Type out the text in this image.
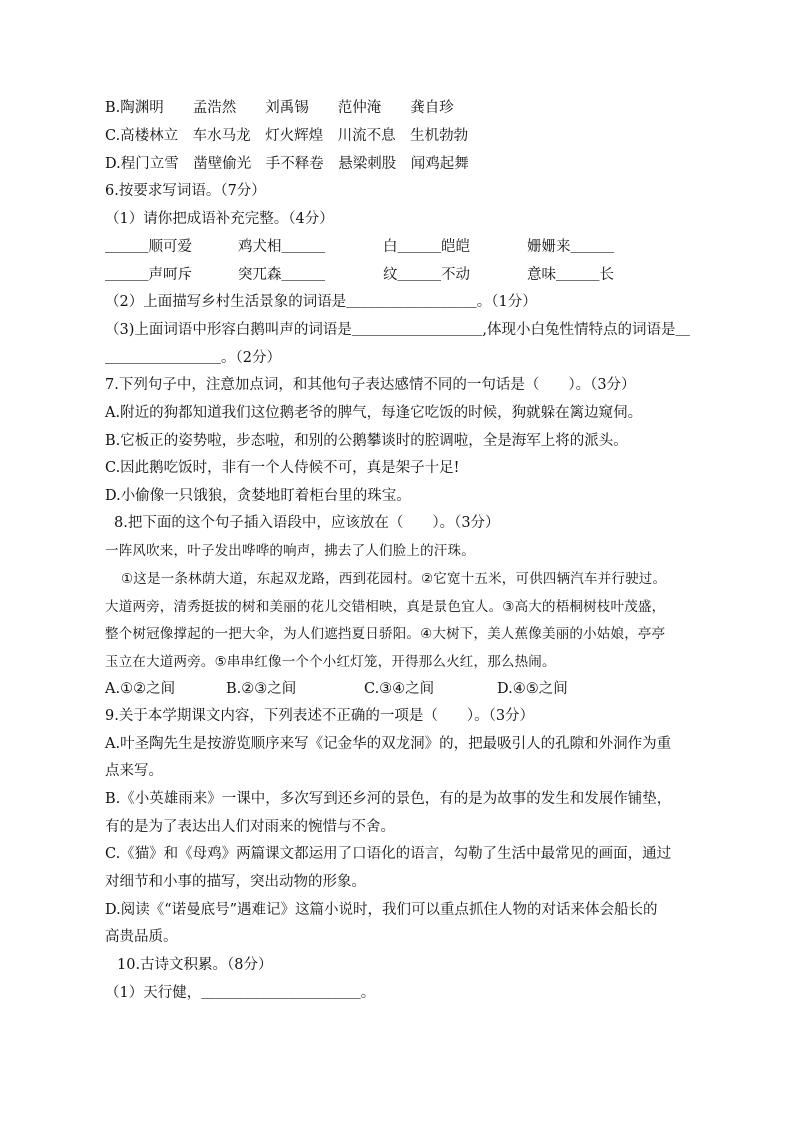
B.陶渊明　　孟浩然　　刘禹锡　　范仲淹　　龚自珍
C.高楼林立　车水马龙　灯火辉煌　川流不息　生机勃勃
D.程门立雪　凿壁偷光　手不释卷　悬梁刺股　闻鸡起舞
6.按要求写词语。（7分）
（1）请你把成语补充完整。（4分）
＿＿＿顺可爱	鸡犬相＿＿＿	白＿＿＿皑皑	姗姗来＿＿＿
＿＿＿声呵斥	突兀森＿＿＿	纹＿＿＿不动	意味＿＿＿长
（2）上面描写乡村生活景象的词语是＿＿＿＿＿＿＿＿＿。（1分）
（3)上面词语中形容白鹅叫声的词语是＿＿＿＿＿＿＿＿＿,体现小白兔性情特点的词语是＿
＿＿＿＿＿＿＿＿。（2分）
7.下列句子中，注意加点词，和其他句子表达感情不同的一句话是（　　）。（3分）
A.附近的狗都知道我们这位鹅老爷的脾气，每逢它吃饭的时候，狗就躲在篱边窥伺。
B.它板正的姿势啦，步态啦，和别的公鹅攀谈时的腔调啦，全是海军上将的派头。
C.因此鹅吃饭时，非有一个人侍候不可，真是架子十足!
D.小偷像一只饿狼，贪婪地盯着柜台里的珠宝。
8.把下面的这个句子插入语段中，应该放在（　　）。（3分）
一阵风吹来，叶子发出哗哗的响声，拂去了人们脸上的汗珠。
①这是一条林荫大道，东起双龙路，西到花园村。②它宽十五米，可供四辆汽车并行驶过。
大道两旁，清秀挺拔的树和美丽的花儿交错相映，真是景色宜人。③高大的梧桐树枝叶茂盛，
整个树冠像撑起的一把大伞，为人们遮挡夏日骄阳。④大树下，美人蕉像美丽的小姑娘，亭亭
玉立在大道两旁。⑤串串红像一个个小红灯笼，开得那么火红，那么热闹。
A.①②之间	B.②③之间	C.③④之间	D.④⑤之间
9.关于本学期课文内容，下列表述不正确的一项是（　　）。（3分）
A.叶圣陶先生是按游览顺序来写《记金华的双龙洞》的，把最吸引人的孔隙和外洞作为重
点来写。
B.《小英雄雨来》一课中，多次写到还乡河的景色，有的是为故事的发生和发展作铺垫，
有的是为了表达出人们对雨来的惋惜与不舍。
C.《猫》和《母鸡》两篇课文都运用了口语化的语言，勾勒了生活中最常见的画面，通过
对细节和小事的描写，突出动物的形象。
D.阅读《“诺曼底号”遇难记》这篇小说时，我们可以重点抓住人物的对话来体会船长的
高贵品质。
10.古诗文积累。（8分）
（1）天行健，＿＿＿＿＿＿＿＿＿＿＿。
